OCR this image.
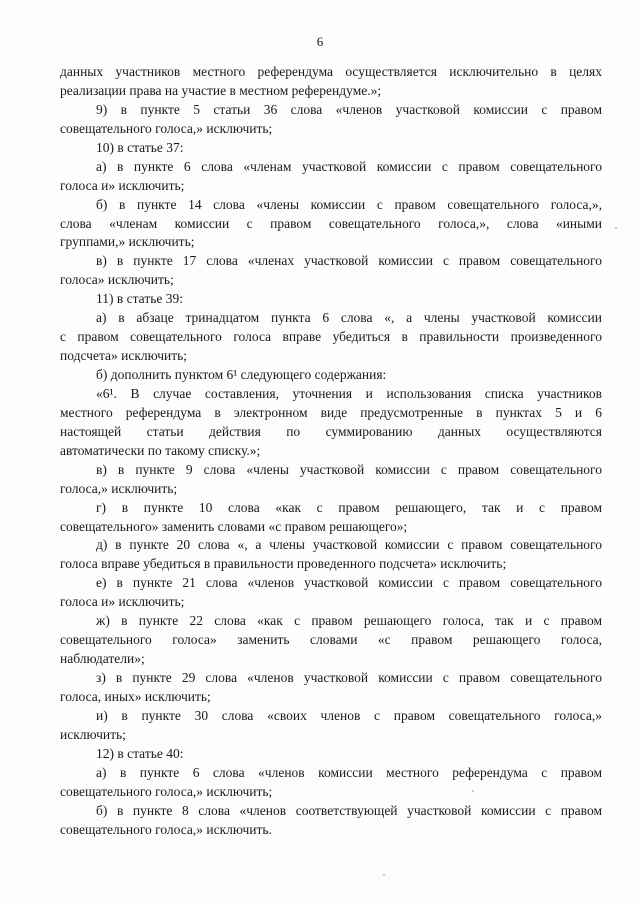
6
данных участников местного референдума осуществляется исключительно в целях
реализации права на участие в местном референдуме.»;
9) в пункте 5 статьи 36 слова «членов участковой комиссии с правом
совещательного голоса,» исключить;
10) в статье 37:
а) в пункте 6 слова «членам участковой комиссии с правом совещательного
голоса и» исключить;
б) в пункте 14 слова «члены комиссии с правом совещательного голоса,»,
слова «членам комиссии с правом совещательного голоса,», слова «иными
группами,» исключить;
в) в пункте 17 слова «членах участковой комиссии с правом совещательного
голоса» исключить;
11) в статье 39:
а) в абзаце тринадцатом пункта 6 слова «, а члены участковой комиссии
с правом совещательного голоса вправе убедиться в правильности произведенного
подсчета» исключить;
б) дополнить пунктом 6¹ следующего содержания:
«6¹. В случае составления, уточнения и использования списка участников
местного референдума в электронном виде предусмотренные в пунктах 5 и 6
настоящей статьи действия по суммированию данных осуществляются
автоматически по такому списку.»;
в) в пункте 9 слова «члены участковой комиссии с правом совещательного
голоса,» исключить;
г) в пункте 10 слова «как с правом решающего, так и с правом
совещательного» заменить словами «с правом решающего»;
д) в пункте 20 слова «, а члены участковой комиссии с правом совещательного
голоса вправе убедиться в правильности проведенного подсчета» исключить;
е) в пункте 21 слова «членов участковой комиссии с правом совещательного
голоса и» исключить;
ж) в пункте 22 слова «как с правом решающего голоса, так и с правом
совещательного голоса» заменить словами «с правом решающего голоса,
наблюдатели»;
з) в пункте 29 слова «членов участковой комиссии с правом совещательного
голоса, иных» исключить;
и) в пункте 30 слова «своих членов с правом совещательного голоса,»
исключить;
12) в статье 40:
а) в пункте 6 слова «членов комиссии местного референдума с правом
совещательного голоса,» исключить;
б) в пункте 8 слова «членов соответствующей участковой комиссии с правом
совещательного голоса,» исключить.
